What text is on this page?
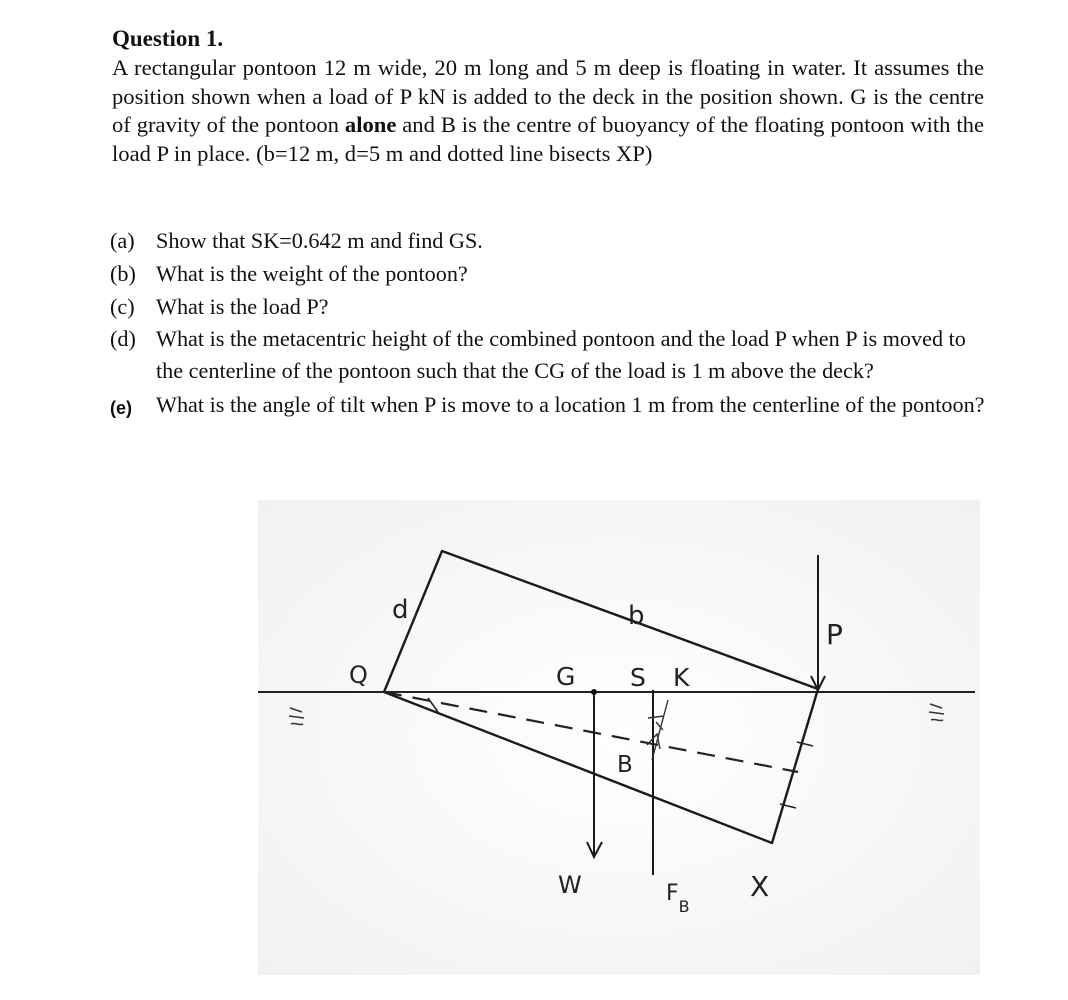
Question 1.

A rectangular pontoon 12 m wide, 20 m long and 5 m deep is floating in water. It assumes the position shown when a load of P kN is added to the deck in the position shown. G is the centre of gravity of the pontoon alone and B is the centre of buoyancy of the floating pontoon with the load P in place. (b=12 m, d=5 m and dotted line bisects XP)

(a) Show that SK=0.642 m and find GS.
(b) What is the weight of the pontoon?
(c) What is the load P?
(d) What is the metacentric height of the combined pontoon and the load P when P is moved to the centerline of the pontoon such that the CG of the load is 1 m above the deck?
(e) What is the angle of tilt when P is move to a location 1 m from the centerline of the pontoon?
d	b
Q	G S K
P
B
W	$F_B$
X
